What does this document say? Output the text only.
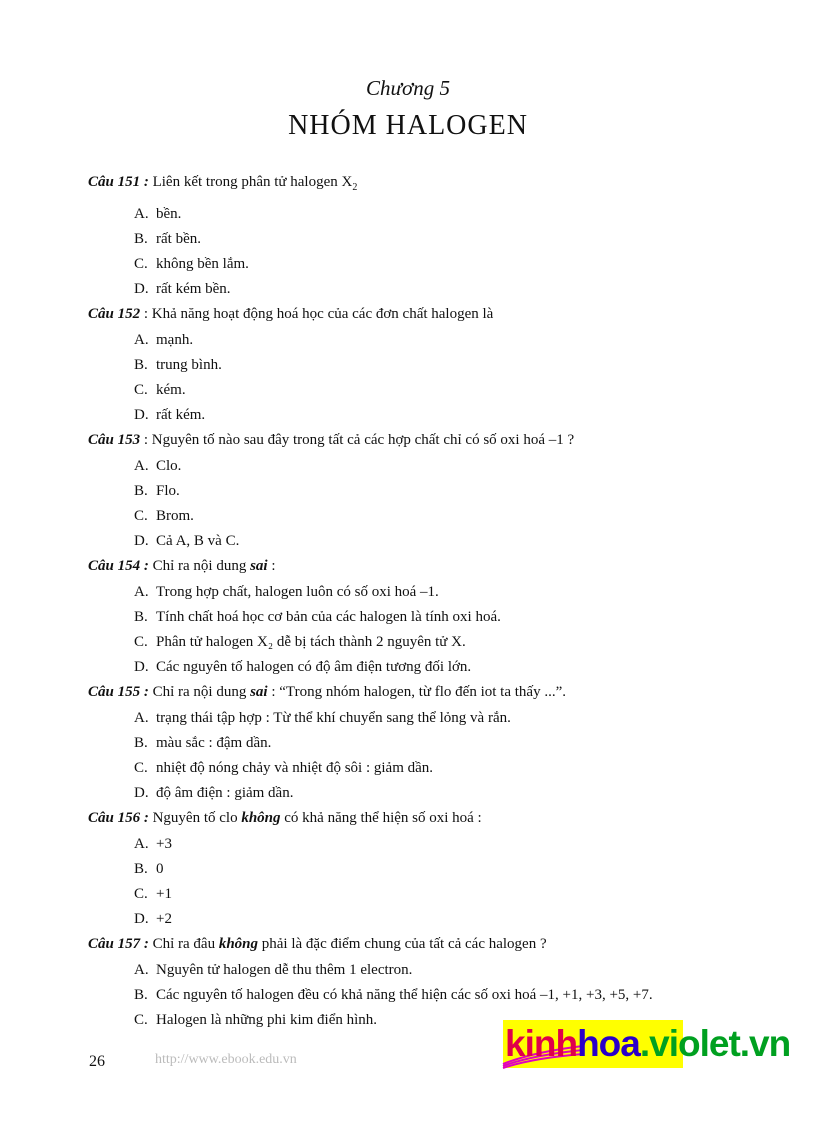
Chương 5
NHÓM HALOGEN
Câu 151 : Liên kết trong phân tử halogen $X_2$
A. bền.
B. rất bền.
C. không bền lắm.
D. rất kém bền.
Câu 152 : Khả năng hoạt động hoá học của các đơn chất halogen là
A. mạnh.
B. trung bình.
C. kém.
D. rất kém.
Câu 153 : Nguyên tố nào sau đây trong tất cả các hợp chất chỉ có số oxi hoá –1 ?
A. Clo.
B. Flo.
C. Brom.
D. Cả A, B và C.
Câu 154 : Chỉ ra nội dung sai :
A. Trong hợp chất, halogen luôn có số oxi hoá –1.
B. Tính chất hoá học cơ bản của các halogen là tính oxi hoá.
C. Phân tử halogen X₂ dễ bị tách thành 2 nguyên tử X.
D. Các nguyên tố halogen có độ âm điện tương đối lớn.
Câu 155 : Chỉ ra nội dung sai : “Trong nhóm halogen, từ flo đến iot ta thấy ...”.
A. trạng thái tập hợp : Từ thể khí chuyển sang thể lỏng và rắn.
B. màu sắc : đậm dần.
C. nhiệt độ nóng chảy và nhiệt độ sôi : giảm dần.
D. độ âm điện : giảm dần.
Câu 156 : Nguyên tố clo không có khả năng thể hiện số oxi hoá :
A. +3
B. 0
C. +1
D. +2
Câu 157 : Chỉ ra đâu không phải là đặc điểm chung của tất cả các halogen ?
A. Nguyên tử halogen dễ thu thêm 1 electron.
B. Các nguyên tố halogen đều có khả năng thể hiện các số oxi hoá –1, +1, +3, +5, +7.
C. Halogen là những phi kim điển hình.
26	http://www.ebook.edu.vn	kinhhoa.violet.vn
